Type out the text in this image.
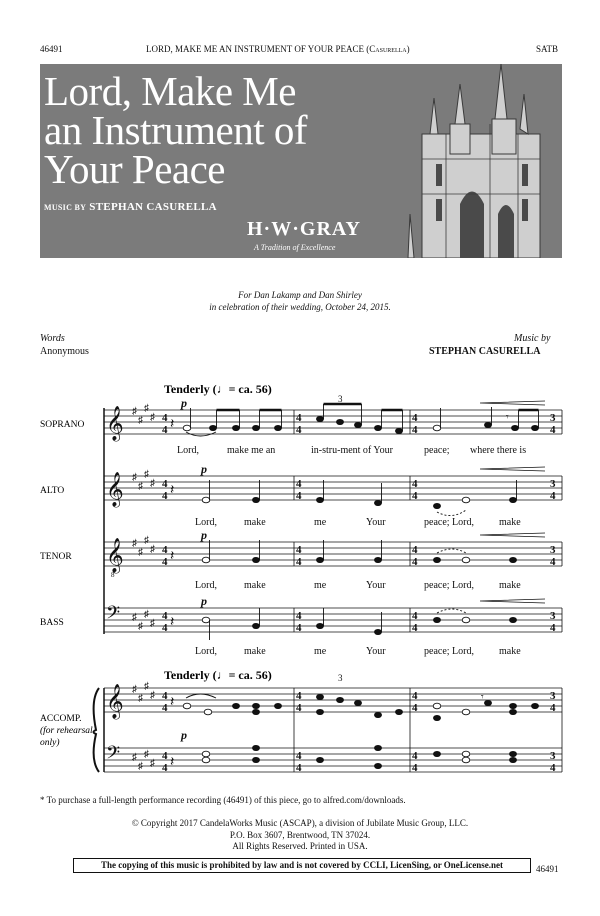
46491	LORD, MAKE ME AN INSTRUMENT OF YOUR PEACE (Casurella)	SATB
Lord, Make Me
an Instrument of
Your Peace
MUSIC BY STEPHAN CASURELLA
H·W·GRAY
A Tradition of Excellence
For Dan Lakamp and Dan Shirley
in celebration of their wedding, October 24, 2015.
Words
Anonymous
Music by
STEPHAN CASURELLA
Tenderly (♩= ca. 56)
Tenderly (♩= ca. 56)
𝄞
𝄞
𝄞
8
𝄢
𝄞
𝄢
♯
♯
♯
♯
♯
♯
♯
♯
♯
♯
♯
♯
♯
♯
♯
♯
♯
♯
♯
♯
♯
♯
♯
♯
4
4
4
4
4
4
4
4
4
4
4
4
4
4
4
4
4
4
4
4
4
4
4
4
4
4
4
4
4
4
4
4
4
4
4
4
3
4
3
4
3
4
3
4
3
4
3
4
𝄽
𝄽
𝄽
𝄽
𝄽
𝄽
𝄾
𝄾
p
p
p
p
p
3
3
SOPRANO
ALTO
TENOR
BASS
ACCOMP.
(for rehearsal
only)
Lord,	make me an	in-stru-ment of Your	peace; where there is
Lord,	make	me	Your	peace; Lord,	make
Lord,	make	me	Your	peace; Lord,	make
Lord,	make	me	Your	peace; Lord,	make
* To purchase a full-length performance recording (46491) of this piece, go to alfred.com/downloads.
© Copyright 2017 CandelaWorks Music (ASCAP), a division of Jubilate Music Group, LLC.
P.O. Box 3607, Brentwood, TN 37024.
All Rights Reserved. Printed in USA.
The copying of this music is prohibited by law and is not covered by CCLI, LicenSing, or OneLicense.net	46491
